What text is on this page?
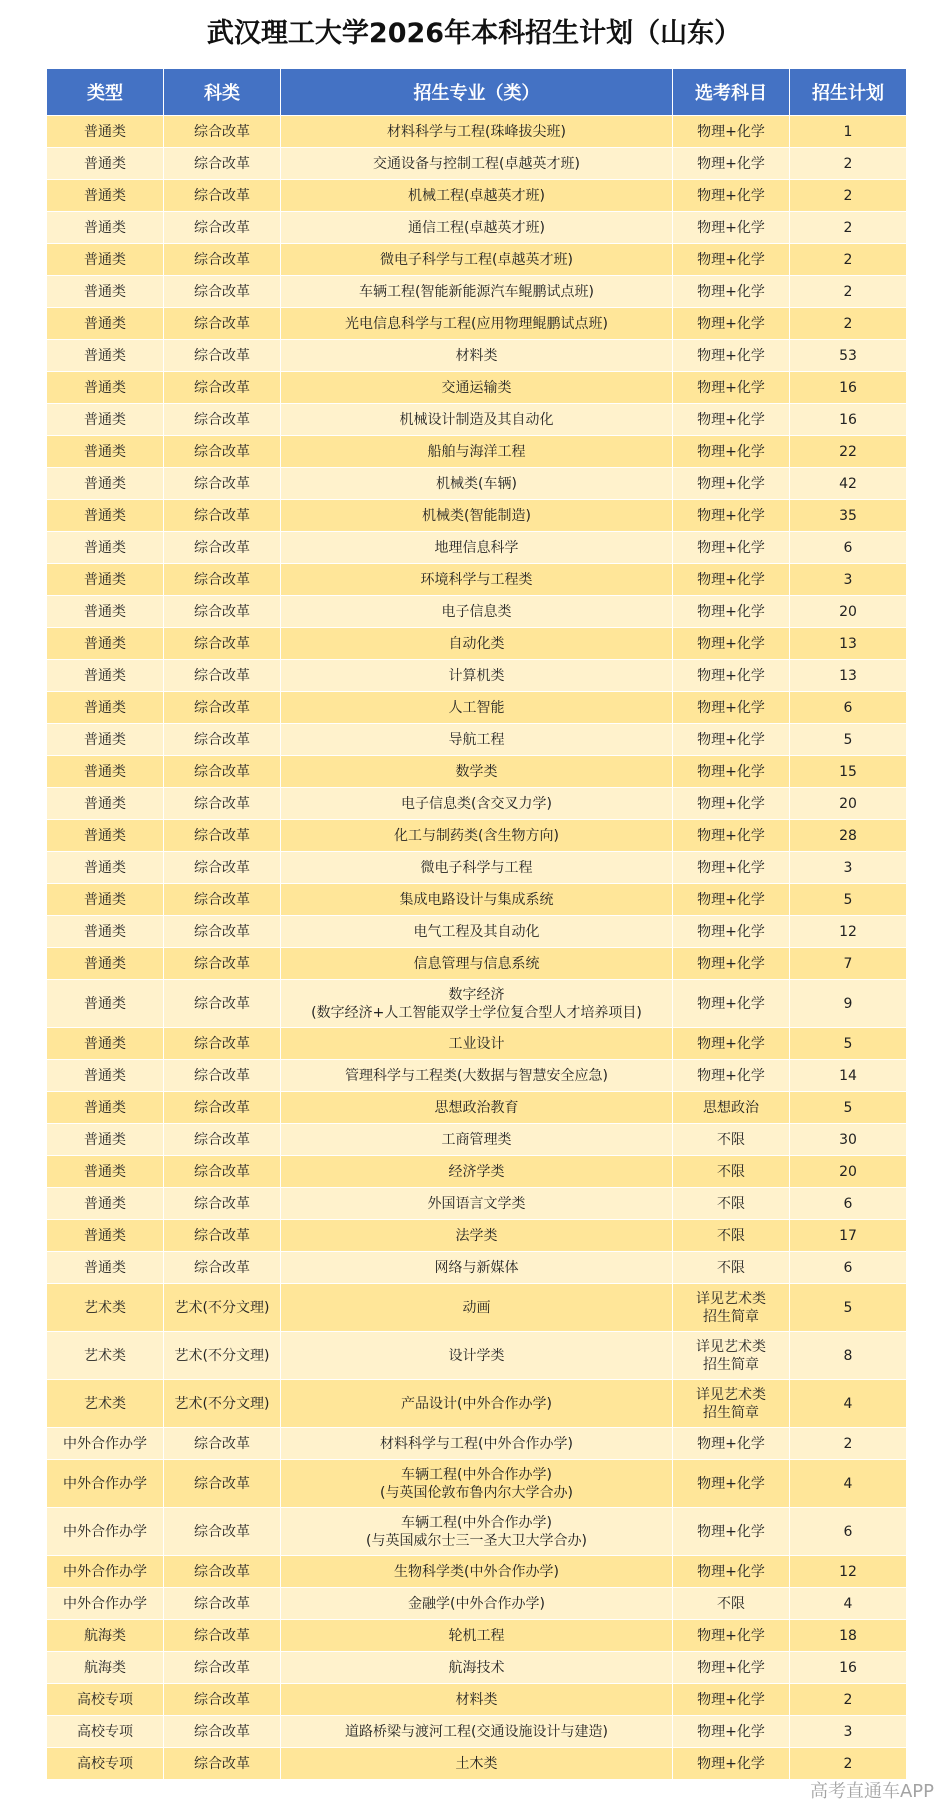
武汉理工大学2026年本科招生计划（山东）
类型	科类	招生专业（类）	选考科目	招生计划
普通类	综合改革	材料科学与工程(珠峰拔尖班)	物理+化学	1
普通类	综合改革	交通设备与控制工程(卓越英才班)	物理+化学	2
普通类	综合改革	机械工程(卓越英才班)	物理+化学	2
普通类	综合改革	通信工程(卓越英才班)	物理+化学	2
普通类	综合改革	微电子科学与工程(卓越英才班)	物理+化学	2
普通类	综合改革	车辆工程(智能新能源汽车鲲鹏试点班)	物理+化学	2
普通类	综合改革	光电信息科学与工程(应用物理鲲鹏试点班)	物理+化学	2
普通类	综合改革	材料类	物理+化学	53
普通类	综合改革	交通运输类	物理+化学	16
普通类	综合改革	机械设计制造及其自动化	物理+化学	16
普通类	综合改革	船舶与海洋工程	物理+化学	22
普通类	综合改革	机械类(车辆)	物理+化学	42
普通类	综合改革	机械类(智能制造)	物理+化学	35
普通类	综合改革	地理信息科学	物理+化学	6
普通类	综合改革	环境科学与工程类	物理+化学	3
普通类	综合改革	电子信息类	物理+化学	20
普通类	综合改革	自动化类	物理+化学	13
普通类	综合改革	计算机类	物理+化学	13
普通类	综合改革	人工智能	物理+化学	6
普通类	综合改革	导航工程	物理+化学	5
普通类	综合改革	数学类	物理+化学	15
普通类	综合改革	电子信息类(含交叉力学)	物理+化学	20
普通类	综合改革	化工与制药类(含生物方向)	物理+化学	28
普通类	综合改革	微电子科学与工程	物理+化学	3
普通类	综合改革	集成电路设计与集成系统	物理+化学	5
普通类	综合改革	电气工程及其自动化	物理+化学	12
普通类	综合改革	信息管理与信息系统	物理+化学	7
普通类	综合改革	数字经济
(数字经济+人工智能双学士学位复合型人才培养项目)	物理+化学	9
普通类	综合改革	工业设计	物理+化学	5
普通类	综合改革	管理科学与工程类(大数据与智慧安全应急)	物理+化学	14
普通类	综合改革	思想政治教育	思想政治	5
普通类	综合改革	工商管理类	不限	30
普通类	综合改革	经济学类	不限	20
普通类	综合改革	外国语言文学类	不限	6
普通类	综合改革	法学类	不限	17
普通类	综合改革	网络与新媒体	不限	6
艺术类	艺术(不分文理)	动画	详见艺术类
招生简章	5
艺术类	艺术(不分文理)	设计学类	详见艺术类
招生简章	8
艺术类	艺术(不分文理)	产品设计(中外合作办学)	详见艺术类
招生简章	4
中外合作办学	综合改革	材料科学与工程(中外合作办学)	物理+化学	2
中外合作办学	综合改革	车辆工程(中外合作办学)
(与英国伦敦布鲁内尔大学合办)	物理+化学	4
中外合作办学	综合改革	车辆工程(中外合作办学)
(与英国威尔士三一圣大卫大学合办)	物理+化学	6
中外合作办学	综合改革	生物科学类(中外合作办学)	物理+化学	12
中外合作办学	综合改革	金融学(中外合作办学)	不限	4
航海类	综合改革	轮机工程	物理+化学	18
航海类	综合改革	航海技术	物理+化学	16
高校专项	综合改革	材料类	物理+化学	2
高校专项	综合改革	道路桥梁与渡河工程(交通设施设计与建造)	物理+化学	3
高校专项	综合改革	土木类	物理+化学	2
高考直通车APP
